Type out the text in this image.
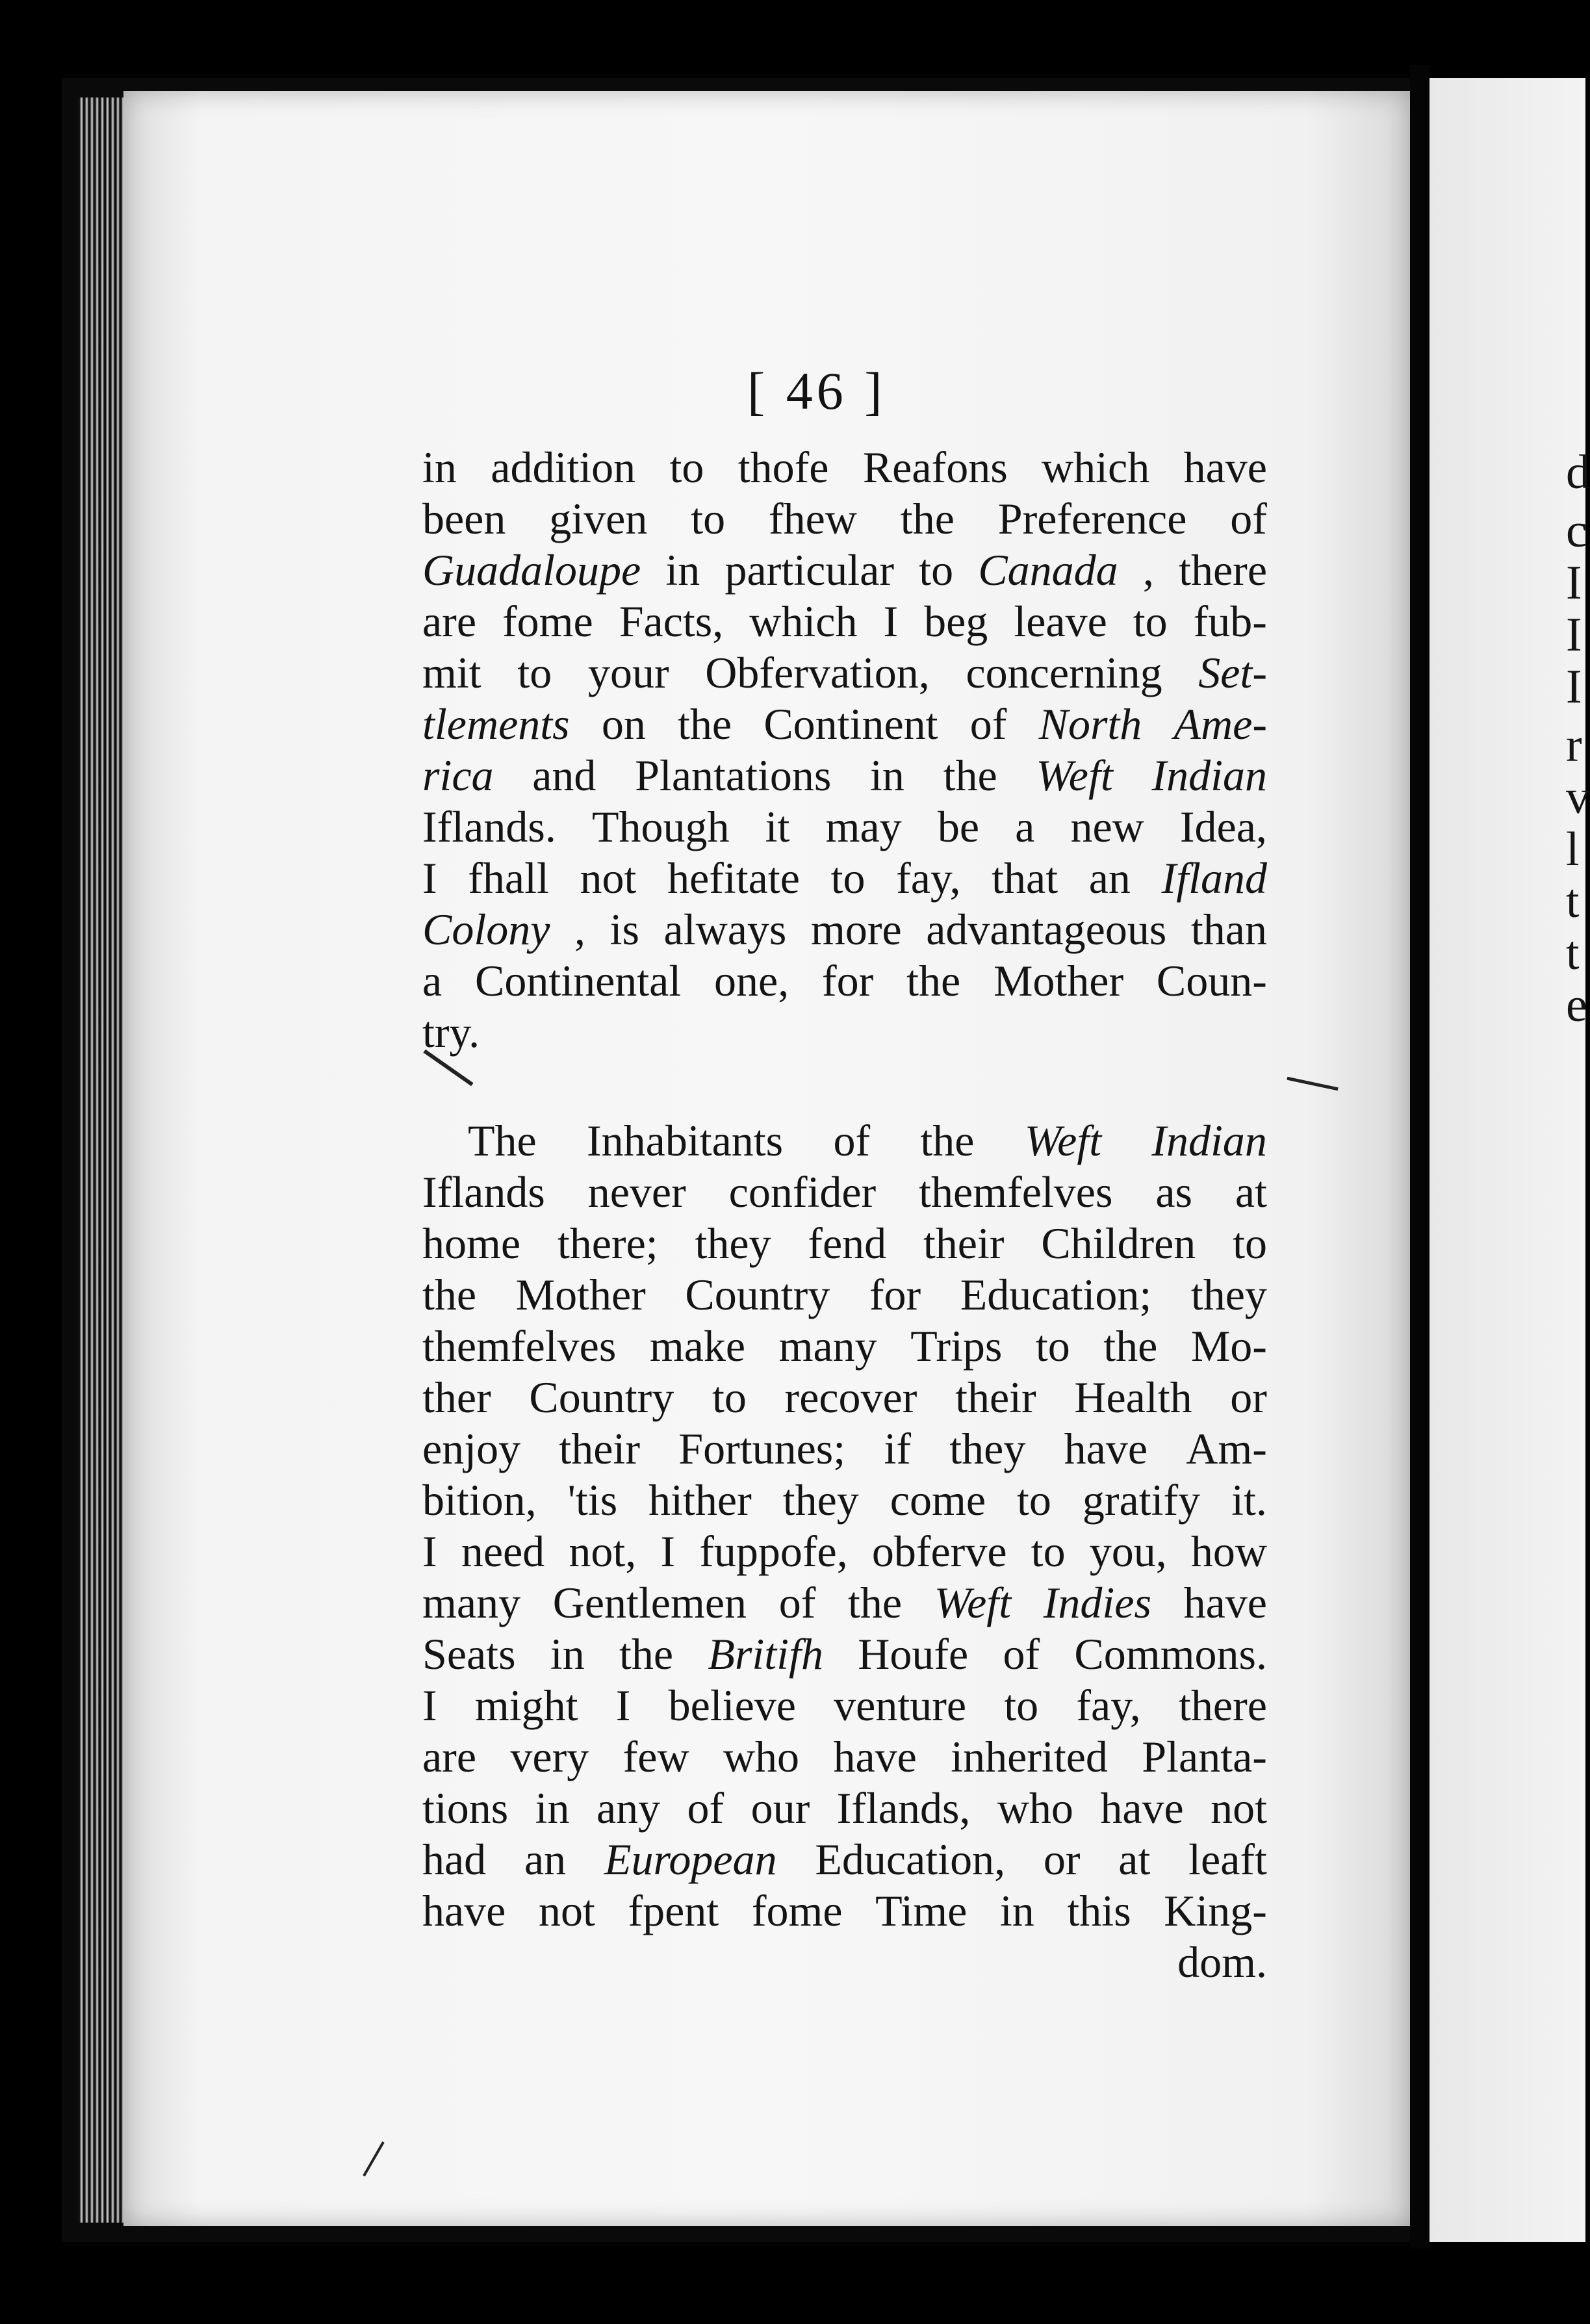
d
c
I
I
I
r
v
l
t
t
e
[ 46 ]
in addition to thofe Reafons which have
been given to fhew the Preference of
Guadaloupe in particular to Canada , there
are fome Facts, which I beg leave to fub-
mit to your Obfervation, concerning Set-
tlements on the Continent of North Ame-
rica and Plantations in the Weft Indian
Iflands. Though it may be a new Idea,
I fhall not hefitate to fay, that an Ifland
Colony , is always more advantageous than
a Continental one, for the Mother Coun-
try.
The Inhabitants of the Weft Indian
Iflands never confider themfelves as at
home there; they fend their Children to
the Mother Country for Education; they
themfelves make many Trips to the Mo-
ther Country to recover their Health or
enjoy their Fortunes; if they have Am-
bition, 'tis hither they come to gratify it.
I need not, I fuppofe, obferve to you, how
many Gentlemen of the Weft Indies have
Seats in the Britifh Houfe of Commons.
I might I believe venture to fay, there
are very few who have inherited Planta-
tions in any of our Iflands, who have not
had an European Education, or at leaft
have not fpent fome Time in this King-
dom.
